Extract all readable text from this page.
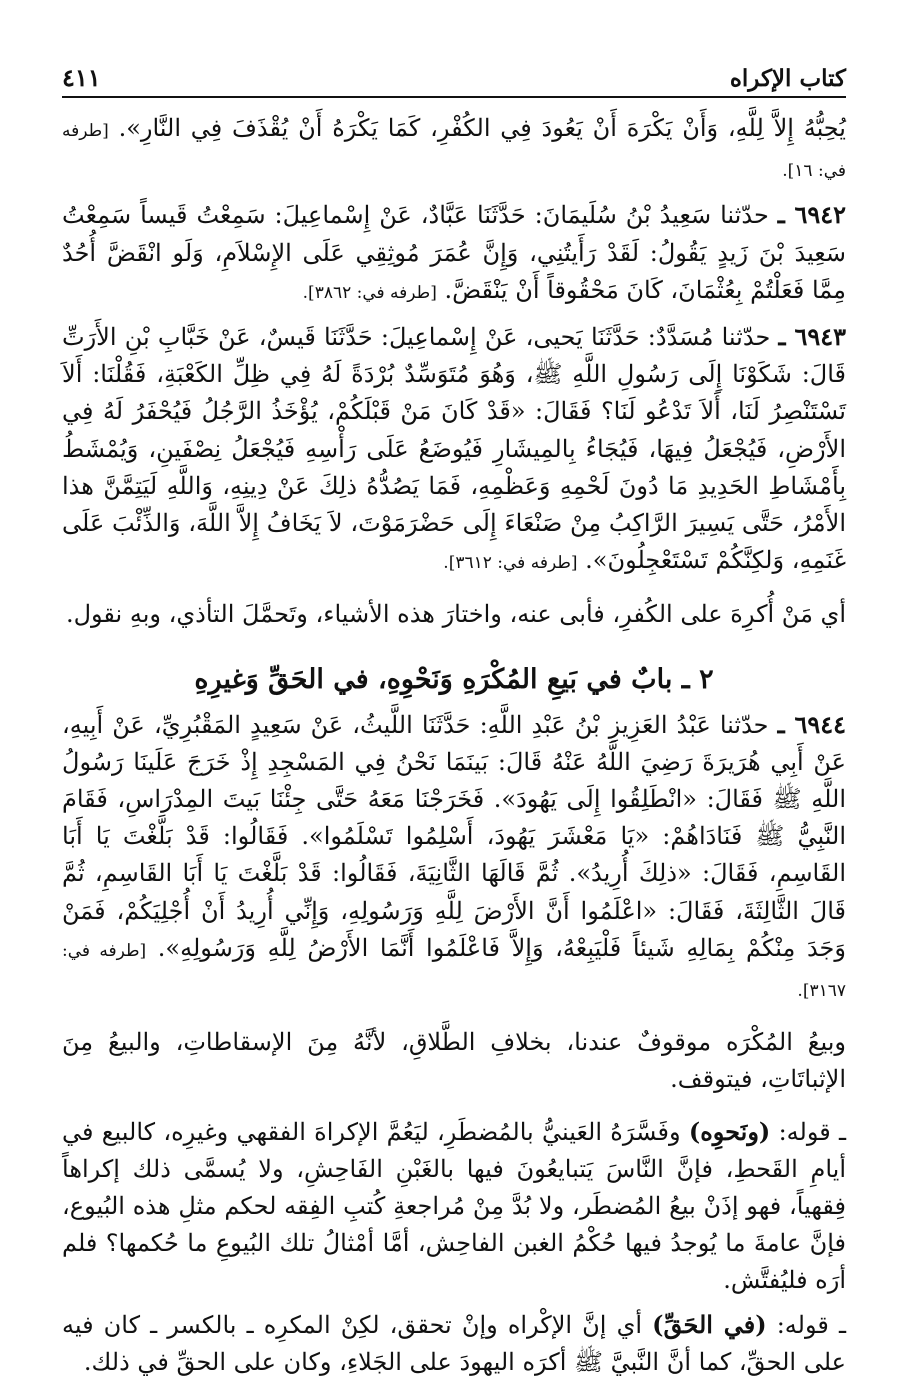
كتاب الإكراه
٤١١

يُحِبُّهُ إِلاَّ لِلَّهِ، وَأَنْ يَكْرَهَ أَنْ يَعُودَ فِي الكُفْرِ، كَمَا يَكْرَهُ أَنْ يُقْذَفَ فِي النَّارِ». [طرفه في: ١٦].

٦٩٤٢ ـ حدّثنا سَعِيدُ بْنُ سُلَيمَانَ: حَدَّثَنَا عَبَّادٌ، عَنْ إِسْماعِيلَ: سَمِعْتُ قَيساً سَمِعْتُ سَعِيدَ بْنَ زَيدٍ يَقُولُ: لَقَدْ رَأَيتُنِي، وَإِنَّ عُمَرَ مُوثِقِي عَلَى الإِسْلاَمِ، وَلَو انْقَضَّ أُحُدٌ مِمَّا فَعَلْتُمْ بِعُثْمَانَ، كَانَ مَحْقُوقاً أَنْ يَنْقَضَّ. [طرفه في: ٣٨٦٢].

٦٩٤٣ ـ حدّثنا مُسَدَّدٌ: حَدَّثَنَا يَحيى، عَنْ إِسْماعِيلَ: حَدَّثَنَا قَيسٌ، عَنْ خَبَّابِ بْنِ الأَرَتِّ قَالَ: شَكَوْنَا إِلَى رَسُولِ اللَّهِ ﷺ، وَهُوَ مُتَوَسِّدٌ بُرْدَةً لَهُ فِي ظِلِّ الكَعْبَةِ، فَقُلْنَا: أَلاَ تَسْتَنْصِرُ لَنَا، أَلاَ تَدْعُو لَنَا؟ فَقَالَ: «قَدْ كَانَ مَنْ قَبْلَكُمْ، يُؤْخَذُ الرَّجُلُ فَيُحْفَرُ لَهُ فِي الأَرْضِ، فَيُجْعَلُ فِيهَا، فَيُجَاءُ بِالمِيشَارِ فَيُوضَعُ عَلَى رَأْسِهِ فَيُجْعَلُ نِصْفَينِ، وَيُمْشَطُ بِأَمْشَاطِ الحَدِيدِ مَا دُونَ لَحْمِهِ وَعَظْمِهِ، فَمَا يَصُدُّهُ ذلِكَ عَنْ دِينِهِ، وَاللَّهِ لَيَتِمَّنَّ هذا الأَمْرُ، حَتَّى يَسِيرَ الرَّاكِبُ مِنْ صَنْعَاءَ إِلَى حَضْرَمَوْتَ، لاَ يَخَافُ إِلاَّ اللَّهَ، وَالذِّئْبَ عَلَى غَنَمِهِ، وَلكِنَّكُمْ تَسْتَعْجِلُونَ». [طرفه في: ٣٦١٢].

أي مَنْ أُكرِهَ على الكُفرِ، فأبى عنه، واختارَ هذه الأشياء، وتَحمَّلَ التأذي، وبهِ نقول.

٢ ـ بابٌ في بَيعِ المُكْرَهِ وَنَحْوِهِ، في الحَقِّ وَغيرِهِ

٦٩٤٤ ـ حدّثنا عَبْدُ العَزِيزِ بْنُ عَبْدِ اللَّهِ: حَدَّثَنَا اللَّيثُ، عَنْ سَعِيدٍ المَقْبُرِيِّ، عَنْ أَبِيهِ، عَنْ أَبِي هُرَيرَةَ رَضِيَ اللَّهُ عَنْهُ قَالَ: بَينَمَا نَحْنُ فِي المَسْجِدِ إِذْ خَرَجَ عَلَينَا رَسُولُ اللَّهِ ﷺ فَقَالَ: «انْطَلِقُوا إِلَى يَهُودَ». فَخَرَجْنَا مَعَهُ حَتَّى جِئْنَا بَيتَ المِدْرَاسِ، فَقَامَ النَّبِيُّ ﷺ فَنَادَاهُمْ: «يَا مَعْشَرَ يَهُودَ، أَسْلِمُوا تَسْلَمُوا». فَقَالُوا: قَدْ بَلَّغْتَ يَا أَبَا القَاسِمِ، فَقَالَ: «ذلِكَ أُرِيدُ». ثُمَّ قَالَهَا الثَّانِيَةَ، فَقَالُوا: قَدْ بَلَّغْتَ يَا أَبَا القَاسِمِ، ثُمَّ قَالَ الثَّالِثَةَ، فَقَالَ: «اعْلَمُوا أَنَّ الأَرْضَ لِلَّهِ وَرَسُولِهِ، وَإِنِّي أُرِيدُ أَنْ أُجْلِيَكُمْ، فَمَنْ وَجَدَ مِنْكُمْ بِمَالِهِ شَيئاً فَلْيَبِعْهُ، وَإِلاَّ فَاعْلَمُوا أَنَّمَا الأَرْضُ لِلَّهِ وَرَسُولِهِ». [طرفه في: ٣١٦٧].

وبيعُ المُكْرَه موقوفٌ عندنا، بخلافِ الطَّلاقِ، لأنَّهُ مِنَ الإسقاطاتِ، والبيعُ مِنَ الإثباتَاتِ، فيتوقف.

ـ قوله: (ونَحوِه) وفَسَّرَهُ العَينيُّ بالمُضطَرِ، ليَعُمَّ الإكراهَ الفقهي وغيرِه، كالبيع في أيامِ القَحطِ، فإنَّ النَّاسَ يَتبايعُونَ فيها بالغَبْنِ الفَاحِشِ، ولا يُسمَّى ذلك إكراهاً فِقهياً، فهو إذَنْ بيعُ المُضطَر، ولا بُدَّ مِنْ مُراجعةِ كُتبِ الفِقه لحكم مثلِ هذه البُيوع، فإنَّ عامةَ ما يُوجدُ فيها حُكْمُ الغبن الفاحِش، أمَّا أمْثالُ تلك البُيوعِ ما حُكمها؟ فلم أرَه فليُفتَّش.

ـ قوله: (في الحَقِّ) أي إنَّ الإكْراه وإنْ تحقق، لكِنْ المكرِه ـ بالكسر ـ كان فيه على الحقِّ، كما أنَّ النَّبيَّ ﷺ أكرَه اليهودَ على الجَلاءِ، وكان على الحقِّ في ذلك.
